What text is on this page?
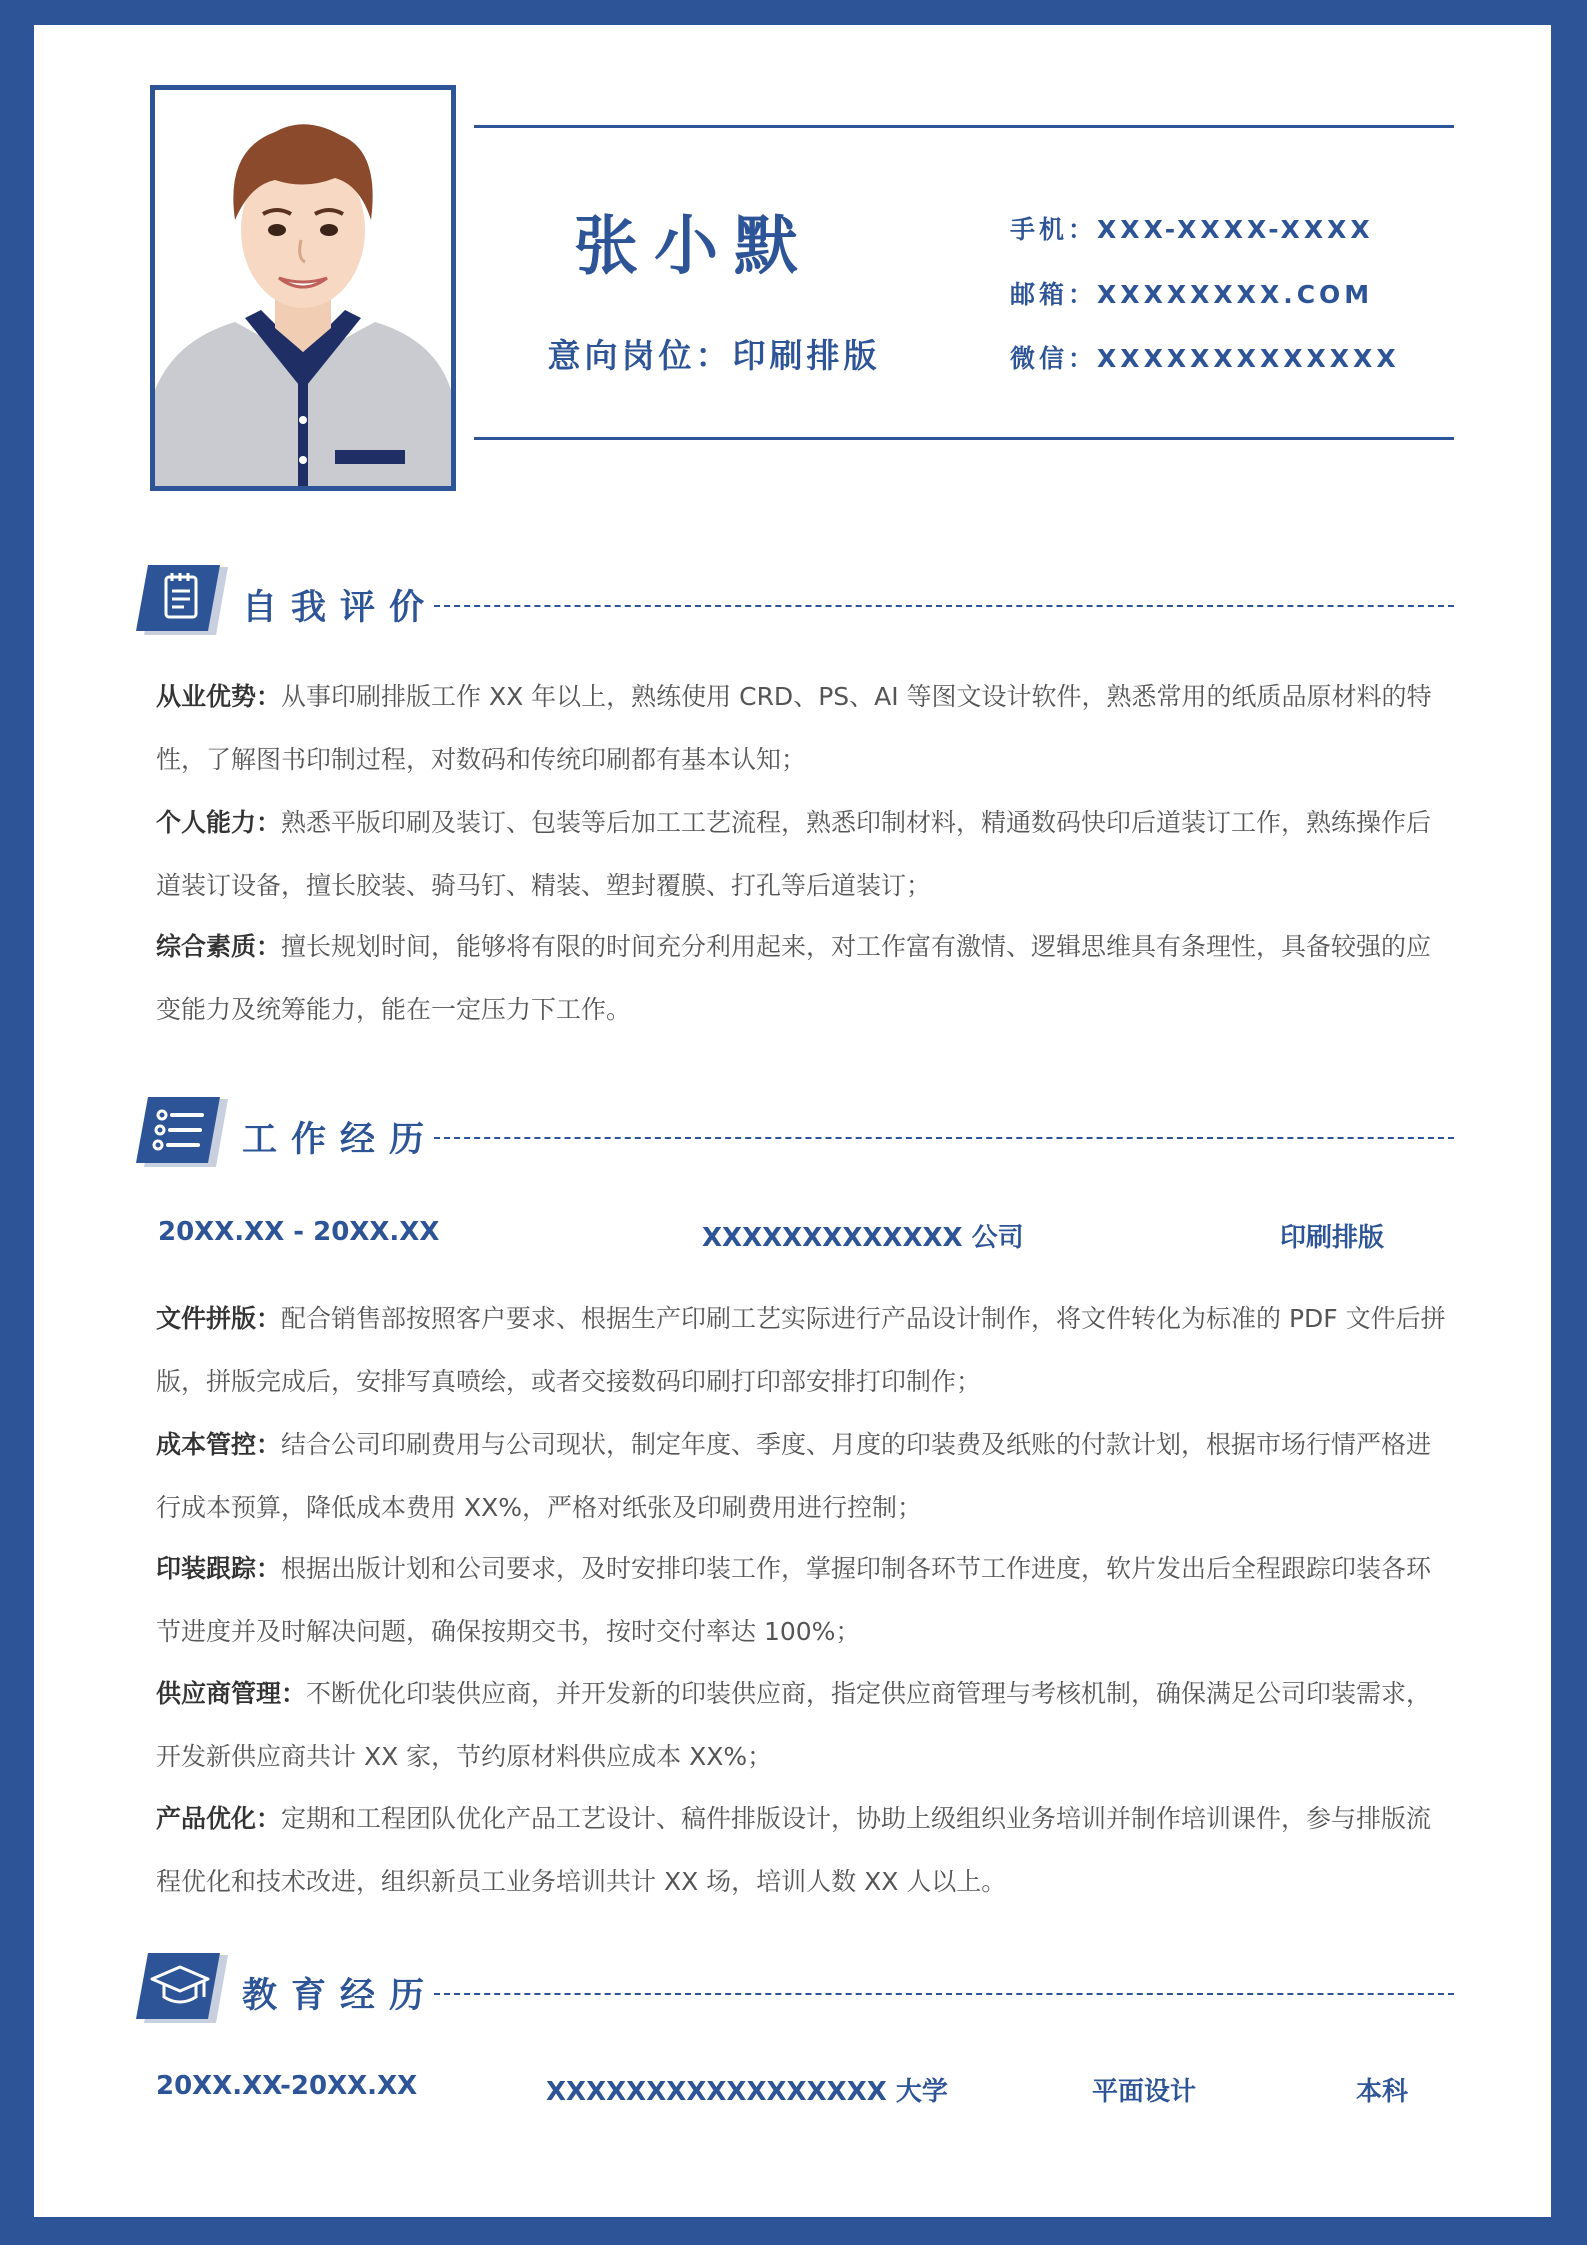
张小默
意向岗位：印刷排版
手机：XXX-XXXX-XXXX
邮箱：XXXXXXXX.COM
微信：XXXXXXXXXXXXX
自我评价
从业优势：从事印刷排版工作 XX 年以上，熟练使用 CRD、PS、AI 等图文设计软件，熟悉常用的纸质品原材料的特性，了解图书印制过程，对数码和传统印刷都有基本认知；
个人能力：熟悉平版印刷及装订、包装等后加工工艺流程，熟悉印制材料，精通数码快印后道装订工作，熟练操作后道装订设备，擅长胶装、骑马钉、精装、塑封覆膜、打孔等后道装订；
综合素质：擅长规划时间，能够将有限的时间充分利用起来，对工作富有激情、逻辑思维具有条理性，具备较强的应变能力及统筹能力，能在一定压力下工作。
工作经历
20XX.XX - 20XX.XX	XXXXXXXXXXXXX 公司	印刷排版
文件拼版：配合销售部按照客户要求、根据生产印刷工艺实际进行产品设计制作，将文件转化为标准的 PDF 文件后拼版，拼版完成后，安排写真喷绘，或者交接数码印刷打印部安排打印制作；
成本管控：结合公司印刷费用与公司现状，制定年度、季度、月度的印装费及纸账的付款计划，根据市场行情严格进行成本预算，降低成本费用 XX%，严格对纸张及印刷费用进行控制；
印装跟踪：根据出版计划和公司要求，及时安排印装工作，掌握印制各环节工作进度，软片发出后全程跟踪印装各环节进度并及时解决问题，确保按期交书，按时交付率达 100%；
供应商管理：不断优化印装供应商，并开发新的印装供应商，指定供应商管理与考核机制，确保满足公司印装需求，开发新供应商共计 XX 家，节约原材料供应成本 XX%；
产品优化：定期和工程团队优化产品工艺设计、稿件排版设计，协助上级组织业务培训并制作培训课件，参与排版流程优化和技术改进，组织新员工业务培训共计 XX 场，培训人数 XX 人以上。
教育经历
20XX.XX-20XX.XX	XXXXXXXXXXXXXXXXX 大学	平面设计	本科
